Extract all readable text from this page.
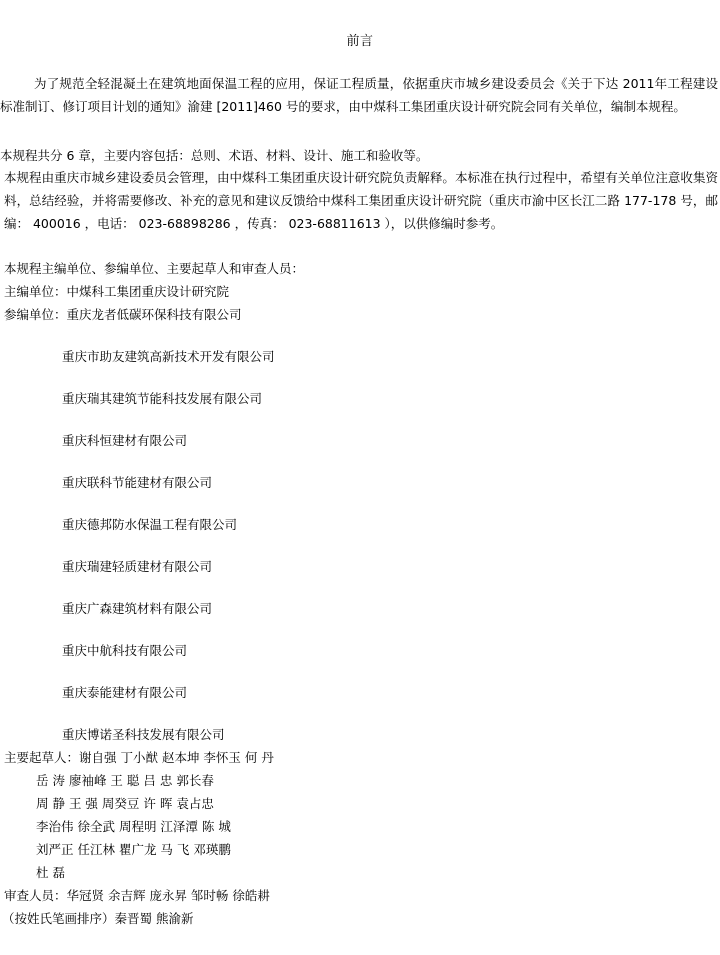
前言
为了规范全轻混凝土在建筑地面保温工程的应用，保证工程质量，依据重庆市城乡建设委员会《关于下达 2011年工程建设标准制订、修订项目计划的通知》渝建 [2011]460 号的要求，由中煤科工集团重庆设计研究院会同有关单位，编制本规程。
本规程共分 6 章，主要内容包括：总则、术语、材料、设计、施工和验收等。
本规程由重庆市城乡建设委员会管理，由中煤科工集团重庆设计研究院负责解释。本标准在执行过程中，希望有关单位注意收集资料，总结经验，并将需要修改、补充的意见和建议反馈给中煤科工集团重庆设计研究院（重庆市渝中区长江二路 177-178 号，邮编： 400016 ，电话： 023-68898286 ，传真： 023-68811613 ），以供修编时参考。
本规程主编单位、参编单位、主要起草人和审查人员：
主编单位：中煤科工集团重庆设计研究院
参编单位：重庆龙者低碳环保科技有限公司
重庆市助友建筑高新技术开发有限公司
重庆瑞其建筑节能科技发展有限公司
重庆科恒建材有限公司
重庆联科节能建材有限公司
重庆德邦防水保温工程有限公司
重庆瑞建轻质建材有限公司
重庆广森建筑材料有限公司
重庆中航科技有限公司
重庆泰能建材有限公司
重庆博诺圣科技发展有限公司
主要起草人：谢自强 丁小猷 赵本坤 李怀玉 何 丹
岳 涛 廖袖峰 王 聪 吕 忠 郭长春
周 静 王 强 周癸豆 许 晖 袁占忠
李治伟 徐全武 周程明 江泽潭 陈 城
刘严正 任江林 瞿广龙 马 飞 邓瑛鹏
杜 磊
审查人员：华冠贤 余吉辉 庞永昇 邹时畅 徐皓耕
（按姓氏笔画排序）秦晋蜀 熊渝新
